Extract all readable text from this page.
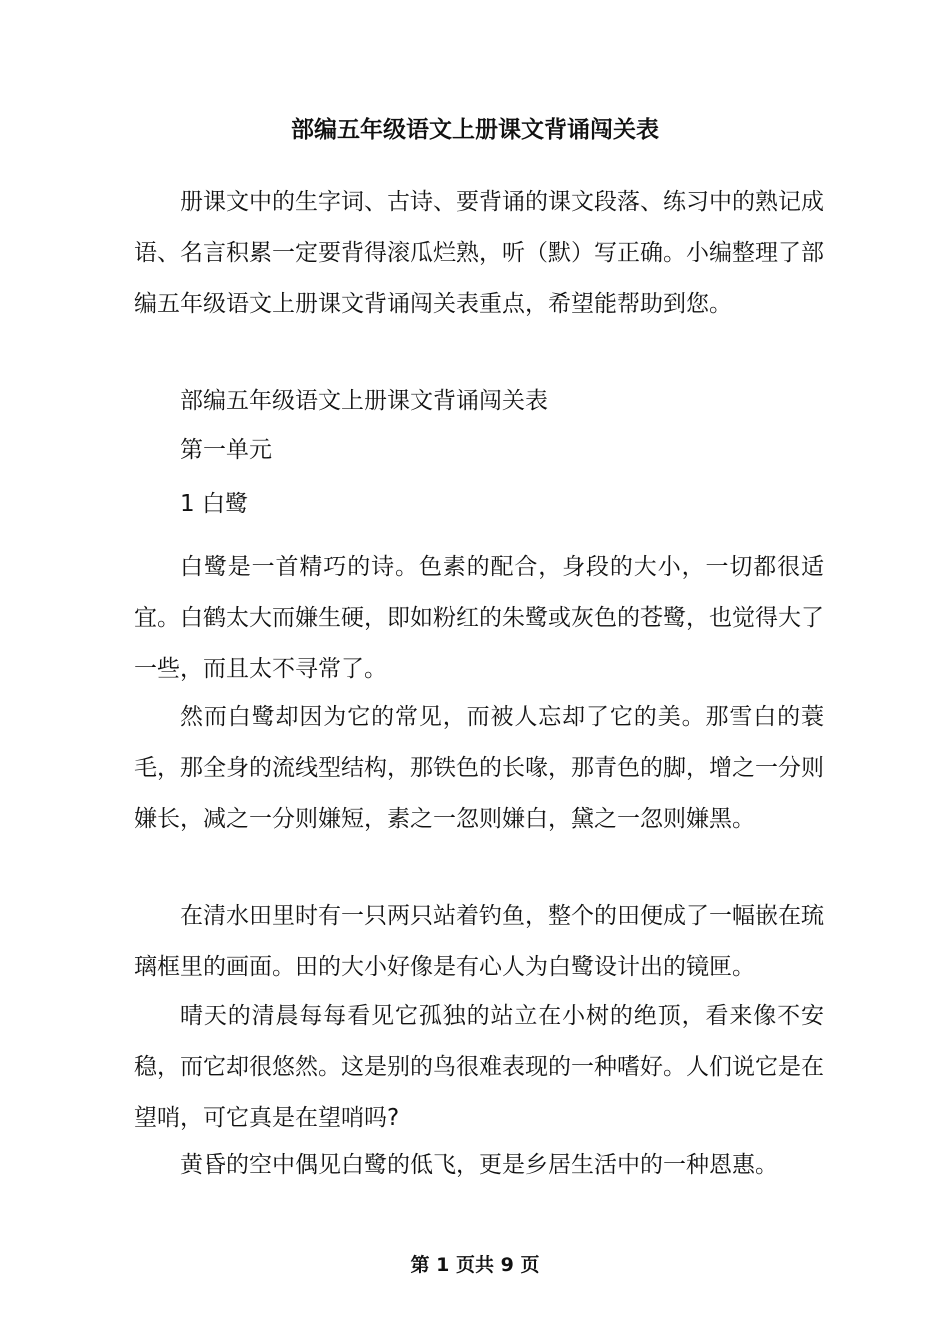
部编五年级语文上册课文背诵闯关表

册课文中的生字词、古诗、要背诵的课文段落、练习中的熟记成语、名言积累一定要背得滚瓜烂熟，听（默）写正确。小编整理了部编五年级语文上册课文背诵闯关表重点，希望能帮助到您。

部编五年级语文上册课文背诵闯关表

第一单元

1 白鹭

白鹭是一首精巧的诗。色素的配合，身段的大小，一切都很适宜。白鹤太大而嫌生硬，即如粉红的朱鹭或灰色的苍鹭，也觉得大了一些，而且太不寻常了。

然而白鹭却因为它的常见，而被人忘却了它的美。那雪白的蓑毛，那全身的流线型结构，那铁色的长喙，那青色的脚，增之一分则嫌长，减之一分则嫌短，素之一忽则嫌白，黛之一忽则嫌黑。

在清水田里时有一只两只站着钓鱼，整个的田便成了一幅嵌在琉璃框里的画面。田的大小好像是有心人为白鹭设计出的镜匣。

晴天的清晨每每看见它孤独的站立在小树的绝顶，看来像不安稳，而它却很悠然。这是别的鸟很难表现的一种嗜好。人们说它是在望哨，可它真是在望哨吗?

黄昏的空中偶见白鹭的低飞，更是乡居生活中的一种恩惠。

第 1 页共 9 页
